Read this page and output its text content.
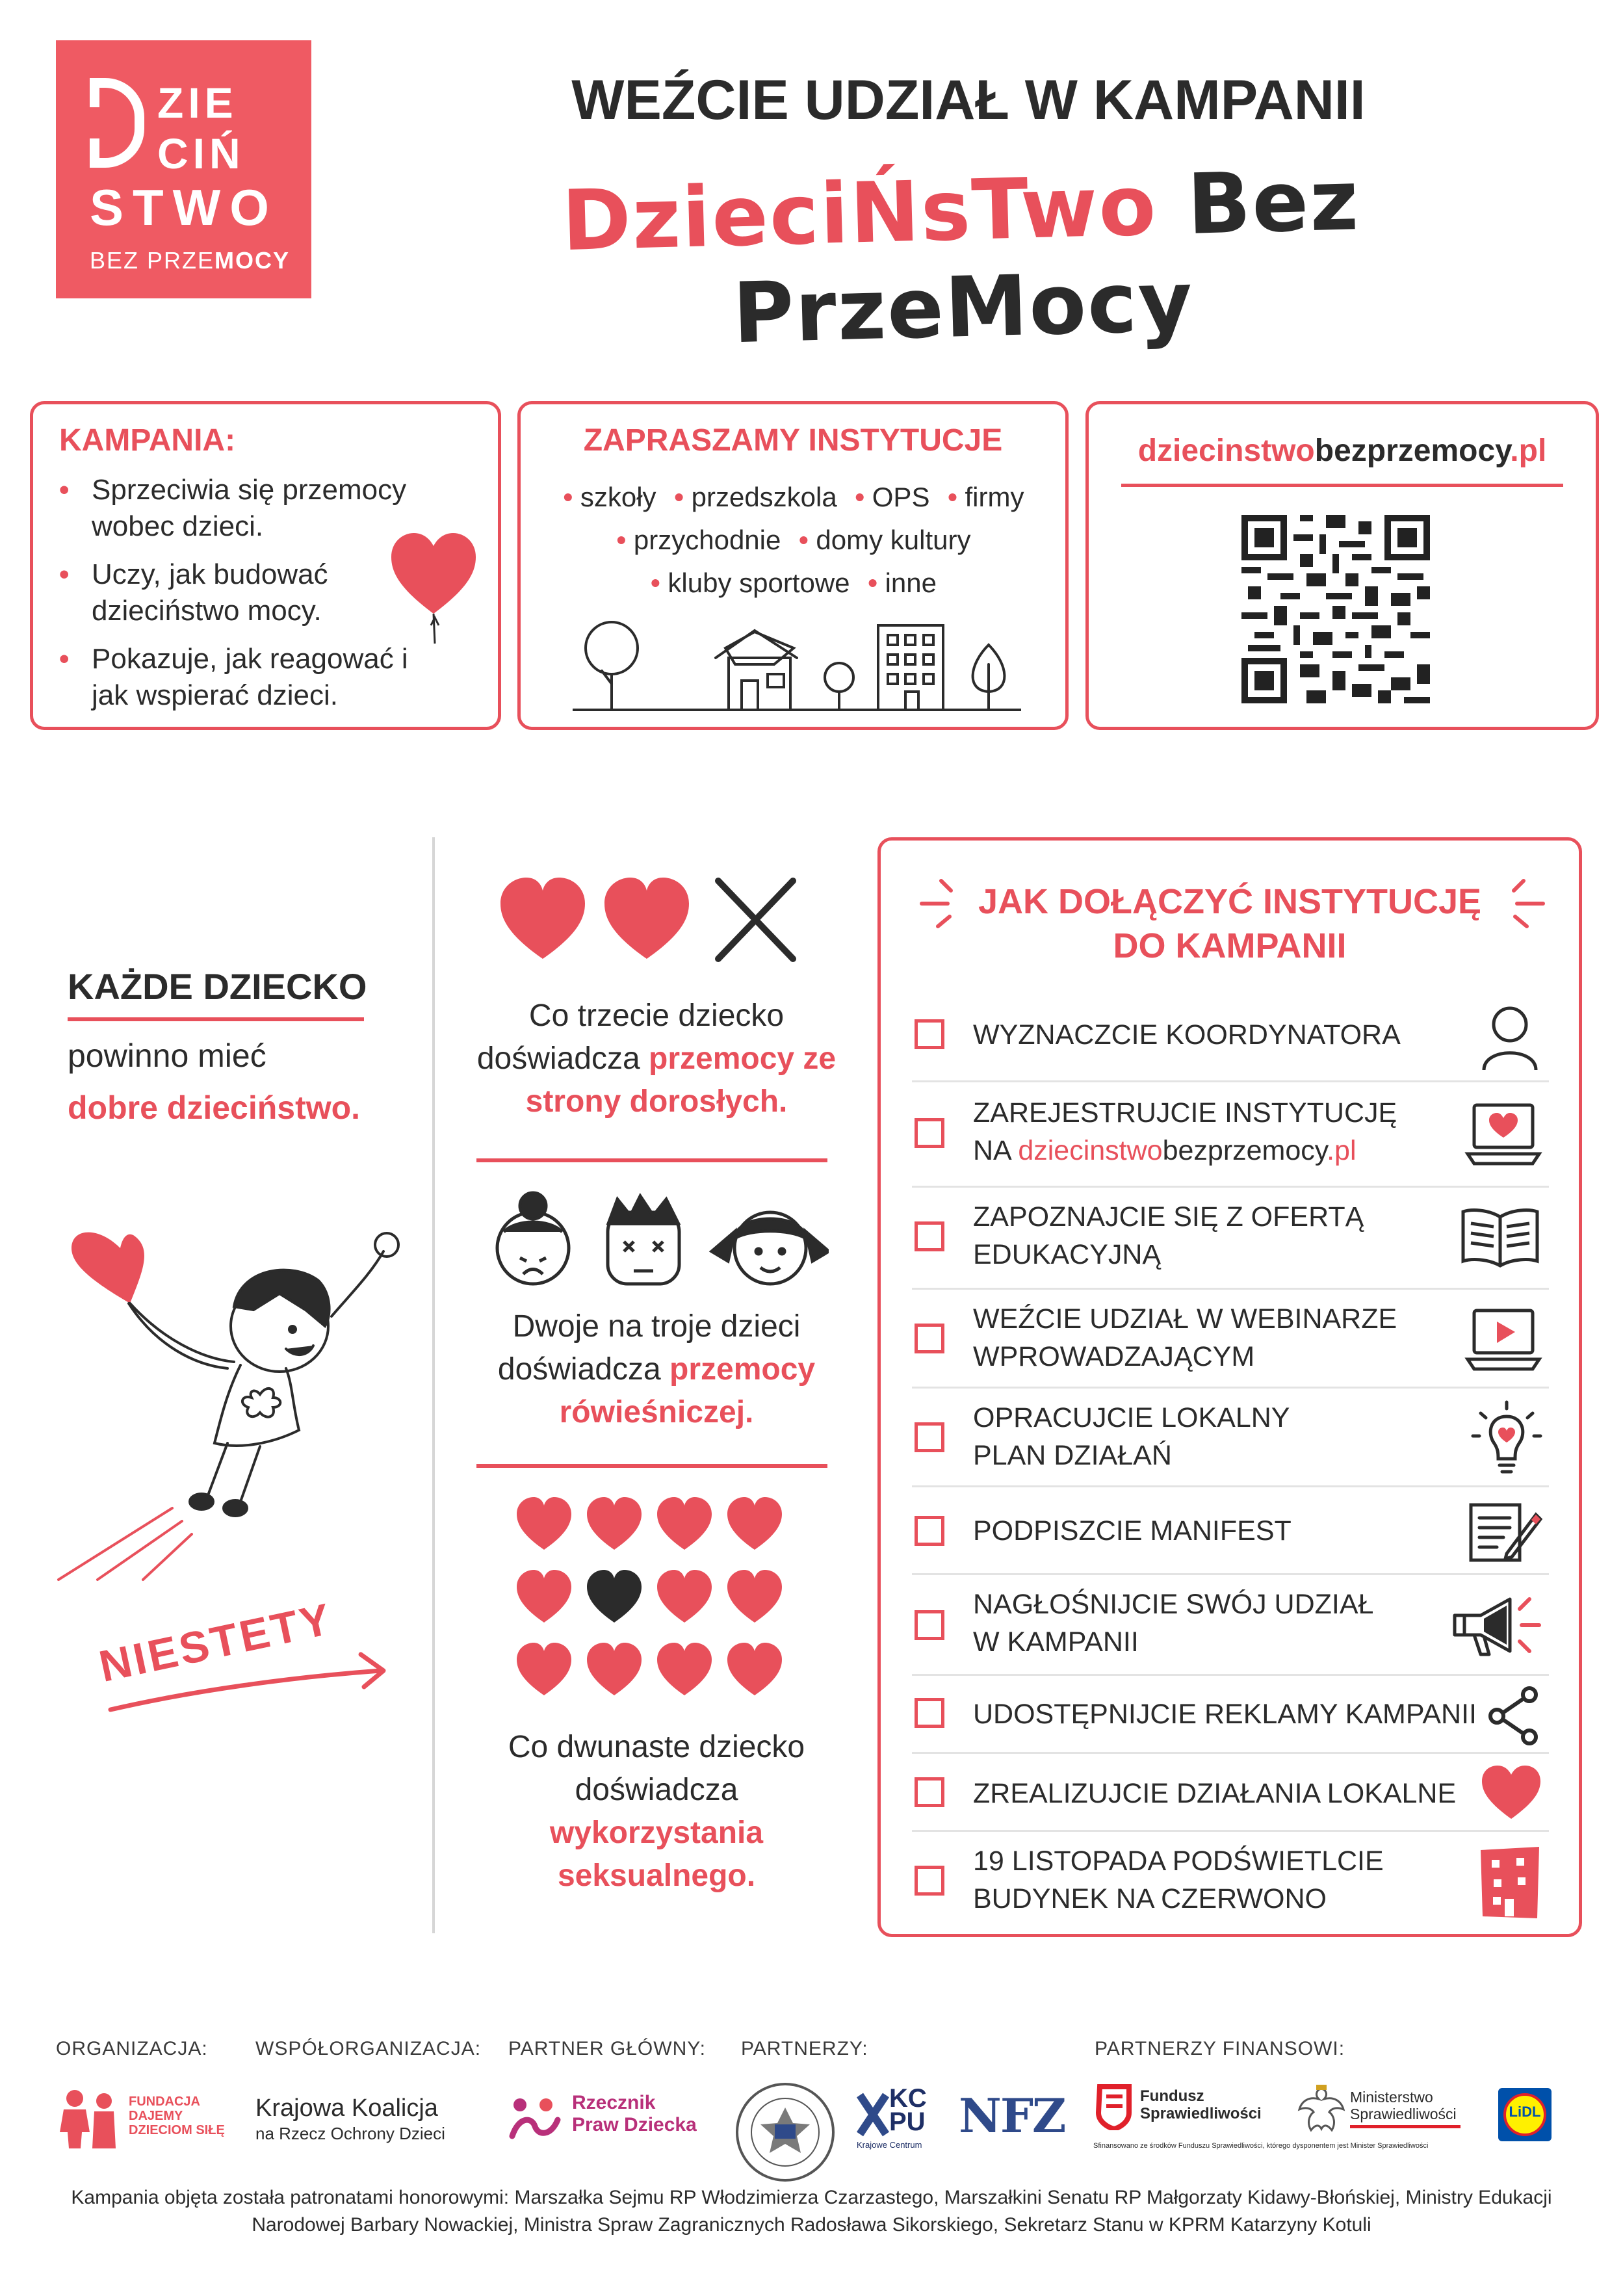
ZIE
CIŃ
STWO
BEZ PRZEMOCY
WEŹCIE UDZIAŁ W KAMPANII
DzieciŃsTwo Bez PrzeMocy
KAMPANIA:
• Sprzeciwia się przemocy wobec dzieci.
• Uczy, jak budować dzieciństwo mocy.
• Pokazuje, jak reagować i jak wspierać dzieci.
ZAPRASZAMY INSTYTUCJE
• szkoły • przedszkola • OPS • firmy
• przychodnie • domy kultury
• kluby sportowe • inne
dziecinstwobezprzemocy.pl
KAŻDE DZIECKO
powinno mieć
dobre dzieciństwo.
NIESTETY
Co trzecie dziecko doświadcza przemocy ze strony dorosłych.
Dwoje na troje dzieci doświadcza przemocy rówieśniczej.
Co dwunaste dziecko doświadcza wykorzystania seksualnego.
JAK DOŁĄCZYĆ INSTYTUCJĘ
DO KAMPANII
WYZNACZCIE KOORDYNATORA
ZAREJESTRUJCIE INSTYTUCJĘ
NA dziecinstwobezprzemocy.pl
ZAPOZNAJCIE SIĘ Z OFERTĄ
EDUKACYJNĄ
WEŹCIE UDZIAŁ W WEBINARZE
WPROWADZAJĄCYM
OPRACUJCIE LOKALNY
PLAN DZIAŁAŃ
PODPISZCIE MANIFEST
NAGŁOŚNIJCIE SWÓJ UDZIAŁ
W KAMPANII
UDOSTĘPNIJCIE REKLAMY KAMPANII
ZREALIZUJCIE DZIAŁANIA LOKALNE
19 LISTOPADA PODŚWIETLCIE
BUDYNEK NA CZERWONO
ORGANIZACJA: WSPÓŁORGANIZACJA: PARTNER GŁÓWNY: PARTNERZY:	PARTNERZY FINANSOWI:
FUNDACJA DAJEMY DZIECIOM SIŁĘ
Krajowa Koalicja
na Rzecz Ochrony Dzieci
Rzecznik
Praw Dziecka
KCPU
Krajowe Centrum
NFZ	Fundusz
Sprawiedliwości
Sfinansowano ze środków Funduszu Sprawiedliwości, którego dysponentem jest Minister Sprawiedliwości
Ministerstwo
Sprawiedliwości	LiDL
Kampania objęta została patronatami honorowymi: Marszałka Sejmu RP Włodzimierza Czarzastego, Marszałkini Senatu RP Małgorzaty Kidawy-Błońskiej, Ministry Edukacji Narodowej Barbary Nowackiej, Ministra Spraw Zagranicznych Radosława Sikorskiego, Sekretarz Stanu w KPRM Katarzyny Kotuli
